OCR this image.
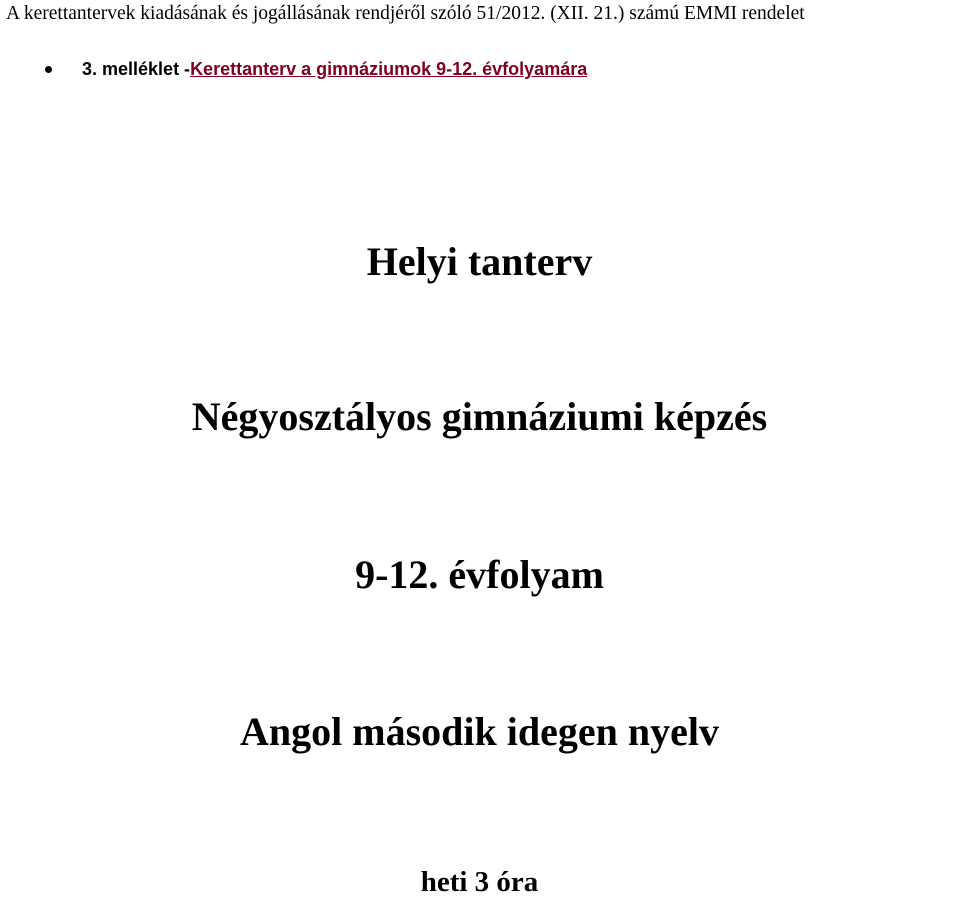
A kerettantervek kiadásának és jogállásának rendjéről szóló 51/2012. (XII. 21.) számú EMMI rendelet
3. melléklet - Kerettanterv a gimnáziumok 9-12. évfolyamára
Helyi tanterv
Négyosztályos gimnáziumi képzés
9-12. évfolyam
Angol második idegen nyelv
heti 3 óra
